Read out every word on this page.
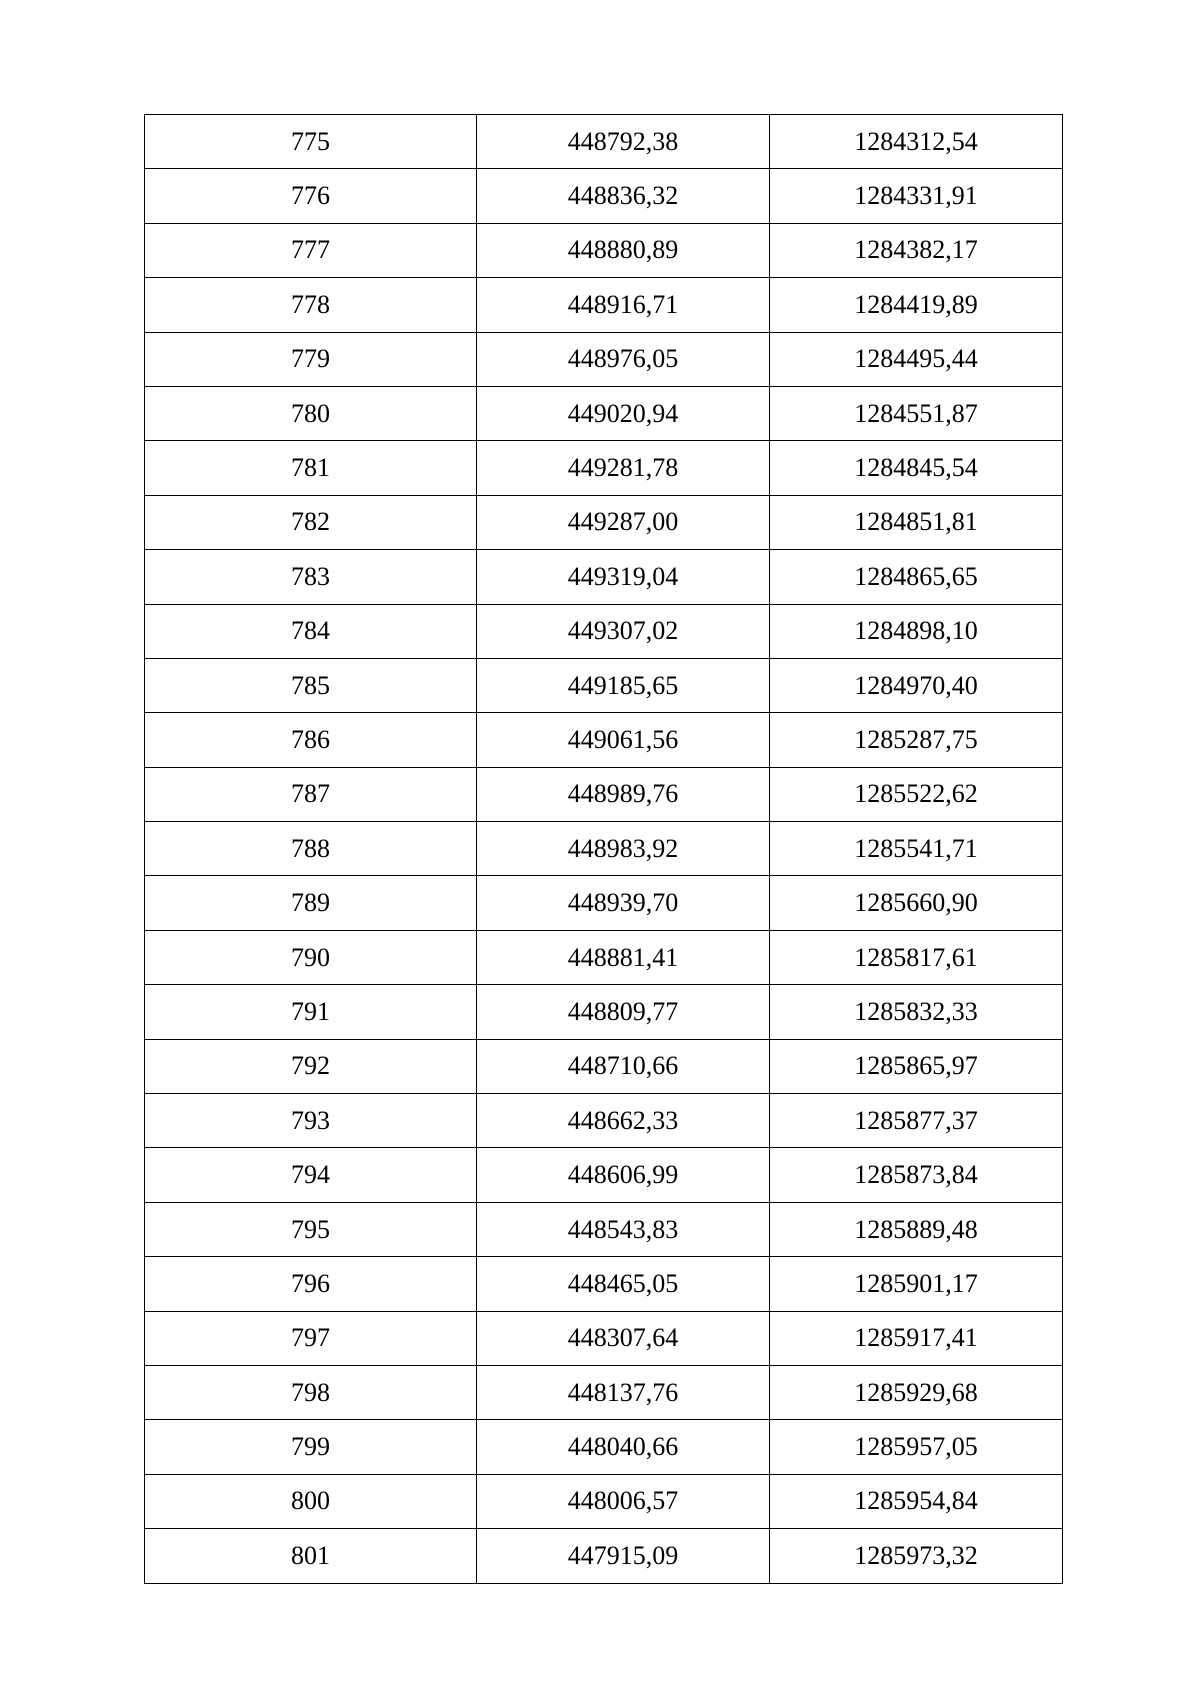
775	448792,38	1284312,54
776	448836,32	1284331,91
777	448880,89	1284382,17
778	448916,71	1284419,89
779	448976,05	1284495,44
780	449020,94	1284551,87
781	449281,78	1284845,54
782	449287,00	1284851,81
783	449319,04	1284865,65
784	449307,02	1284898,10
785	449185,65	1284970,40
786	449061,56	1285287,75
787	448989,76	1285522,62
788	448983,92	1285541,71
789	448939,70	1285660,90
790	448881,41	1285817,61
791	448809,77	1285832,33
792	448710,66	1285865,97
793	448662,33	1285877,37
794	448606,99	1285873,84
795	448543,83	1285889,48
796	448465,05	1285901,17
797	448307,64	1285917,41
798	448137,76	1285929,68
799	448040,66	1285957,05
800	448006,57	1285954,84
801	447915,09	1285973,32
